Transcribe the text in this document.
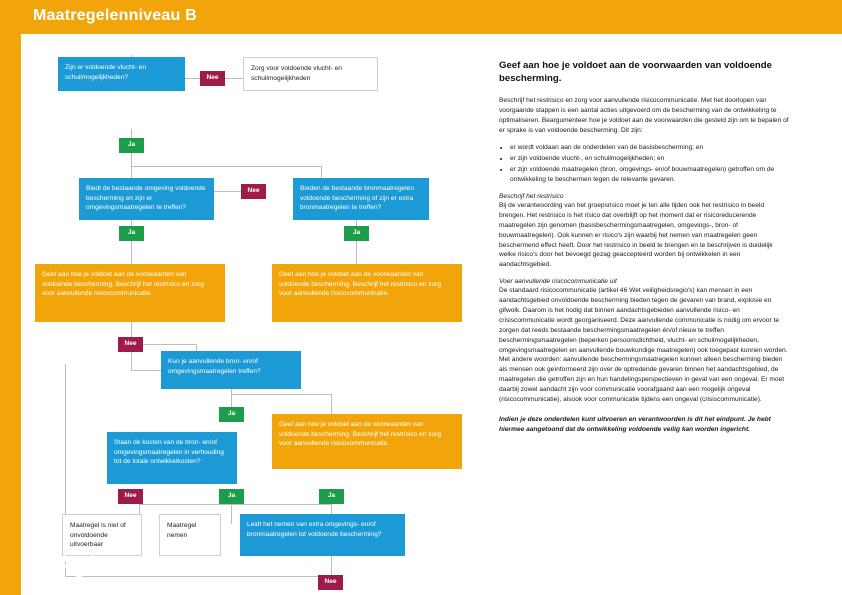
Maatregelenniveau B
Zijn er voldoende vlucht- en schuilmogelijkheden?
Zorg voor voldoende vlucht- en schuilmogelijkheden
Nee
Ja
Biedt de bestaande omgeving voldoende bescherming en zijn er omgevingsmaatregelen te treffen?
Bieden de bestaande bronmaatregelen voldoende bescherming of zijn er extra bronmaatregelen te treffen?
Nee
Ja	Ja
Geef aan hoe je voldoet aan de voorwaarden van voldoende bescherming. Beschrijf het restrisico en zorg voor aanvullende risicocommunicatie.
Geef aan hoe je voldoet aan de voorwaarden van voldoende bescherming. Beschrijf het restrisico en zorg voor aanvullende risicocommunicatie.
Nee
Kun je aanvullende bron- en/of omgevingsmaatregelen treffen?
Ja
Geef aan hoe je voldoet aan de voorwaarden van voldoende bescherming. Beschrijf het restrisico en zorg voor aanvullende risicocommunicatie.
Staan de kosten van de bron- en/of omgevingsmaatregelen in verhouding tot de totale ontwikkelkosten?
Nee	Ja	Ja
Maatregel is niet of onvoldoende uitvoerbaar
Maatregel nemen
Leidt het nemen van extra omgevings- en/of bronmaatregelen tot voldoende bescherming?
Nee
Geef aan hoe je voldoet aan de voorwaarden van voldoende bescherming.

Beschrijf het restrisico en zorg voor aanvullende risicocommunicatie. Met het doorlopen van voorgaande stappen is een aantal acties uitgevoerd om de bescherming van de ontwikkeling te optimaliseren. Beargumenteer hoe je voldoet aan de voorwaarden die gesteld zijn om te bepalen of er sprake is van voldoende bescherming. Dit zijn:

• er wordt voldaan aan de onderdelen van de basisbescherming; en
• er zijn voldoende vlucht-, en schuilmogelijkheden; en
• er zijn voldoende maatregelen (bron, omgevings- en/of bouwmaatregelen) getroffen om de ontwikkeling te beschermen tegen de relevante gevaren.
Beschrijf het restrisico

Bij de verantwoording van het groepsrisico moet je ten alle tijden ook het restrisico in beeld brengen. Het restrisico is het risico dat overblijft op het moment dat er risicoreducerende maatregelen zijn genomen (basisbeschermingsmaatregelen, omgevings-, bron- of bouwmaatregelen). Ook kunnen er risico's zijn waarbij het nemen van maatregelen geen beschermend effect heeft. Door het restrisico in beeld te brengen en te beschrijven is duidelijk welke risico's door het bevoegd gezag geaccepteerd worden bij ontwikkelen in een aandachtsgebied.

Voer aanvullende risicocommunicatie uit

De standaard risicocommunicatie (artikel 46 Wet veiligheidsregio's) kan mensen in een aandachtsgebied onvoldoende bescherming bieden tegen de gevaren van brand, explosie en gifwolk. Daarom is het nodig dat binnen aandachtsgebieden aanvullende risico- en crisiscommunicatie wordt georganiseerd. Deze aanvullende communicatie is nodig om ervoor te zorgen dat reeds bestaande beschermingsmaatregelen én/of nieuw te treffen beschermingsmaatregelen (beperken persoonsdichtheid, vlucht- en schuilmogelijkheden, omgevingsmaatregelen en aanvullende bouwkundige maatregelen) ook toegepast kunnen worden. Met andere woorden: aanvullende beschermingsmaatregelen kunnen alleen bescherming bieden als mensen ook geïnformeerd zijn over de optredende gevaren binnen het aandachtsgebied, de maatregelen die getroffen zijn en hun handelingsperspectieven in geval van een ongeval. Er moet daarbij zowel aandacht zijn voor communicatie voorafgaand aan een mogelijk ongeval (risicocommunicatie), alsook voor communicatie tijdens een ongeval (crisiscommunicatie).

Indien je deze onderdelen kunt uitvoeren en verantwoorden is dit het eindpunt. Je hebt hiermee aangetoond dat de ontwikkeling voldoende veilig kan worden ingericht.
